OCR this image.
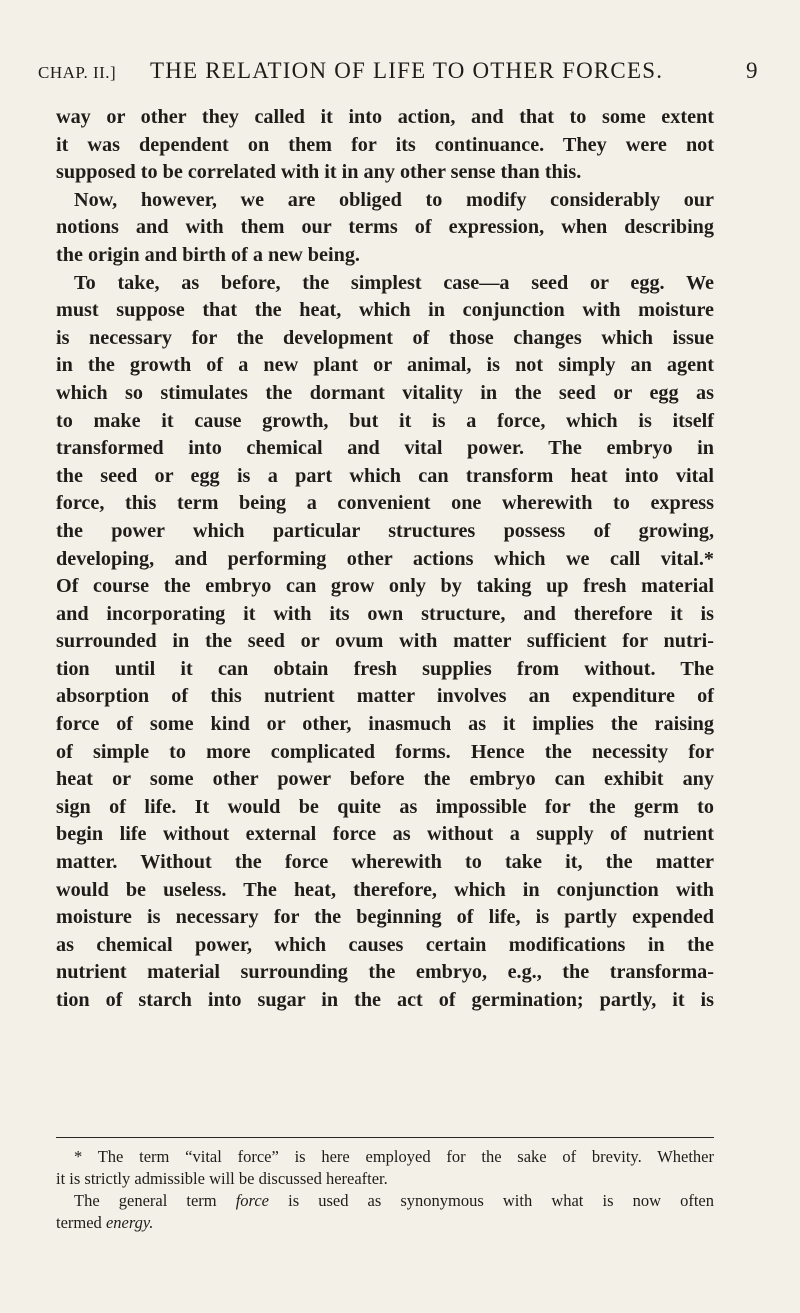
CHAP. II.] THE RELATION OF LIFE TO OTHER FORCES.	9
way or other they called it into action, and that to some extent
it was dependent on them for its continuance. They were not
supposed to be correlated with it in any other sense than this.
Now, however, we are obliged to modify considerably our
notions and with them our terms of expression, when describing
the origin and birth of a new being.
To take, as before, the simplest case—a seed or egg. We
must suppose that the heat, which in conjunction with moisture
is necessary for the development of those changes which issue
in the growth of a new plant or animal, is not simply an agent
which so stimulates the dormant vitality in the seed or egg as
to make it cause growth, but it is a force, which is itself
transformed into chemical and vital power. The embryo in
the seed or egg is a part which can transform heat into vital
force, this term being a convenient one wherewith to express
the power which particular structures possess of growing,
developing, and performing other actions which we call vital.*
Of course the embryo can grow only by taking up fresh material
and incorporating it with its own structure, and therefore it is
surrounded in the seed or ovum with matter sufficient for nutri-
tion until it can obtain fresh supplies from without. The
absorption of this nutrient matter involves an expenditure of
force of some kind or other, inasmuch as it implies the raising
of simple to more complicated forms. Hence the necessity for
heat or some other power before the embryo can exhibit any
sign of life. It would be quite as impossible for the germ to
begin life without external force as without a supply of nutrient
matter. Without the force wherewith to take it, the matter
would be useless. The heat, therefore, which in conjunction with
moisture is necessary for the beginning of life, is partly expended
as chemical power, which causes certain modifications in the
nutrient material surrounding the embryo, e.g., the transforma-
tion of starch into sugar in the act of germination; partly, it is
* The term “vital force” is here employed for the sake of brevity. Whether
it is strictly admissible will be discussed hereafter.
The general term force is used as synonymous with what is now often
termed energy.
